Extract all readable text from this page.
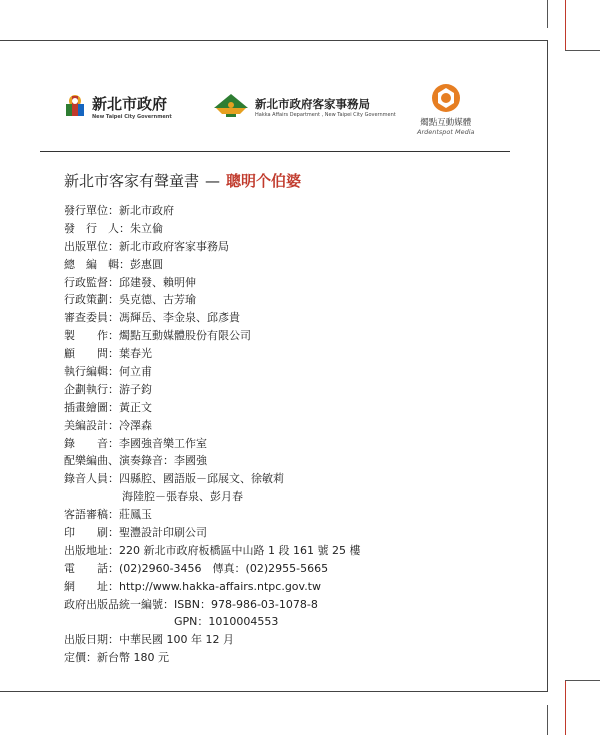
新北市政府
New Taipei City Government
新北市政府客家事務局
Hakka Affairs Department , New Taipei City Government
燭點互動媒體
Ardentspot Media
新北市客家有聲童書 — 聰明个伯婆
發行單位：新北市政府
發　行　人：朱立倫
出版單位：新北市政府客家事務局
總　編　輯：彭惠圓
行政監督：邱建發、賴明伸
行政策劃：吳克德、古芳瑜
審查委員：馮輝岳、李金泉、邱彥貴
製　　作：燭點互動媒體股份有限公司
顧　　問：葉春光
執行編輯：何立甫
企劃執行：游子鈞
插畫繪圖：黃正文
美編設計：冷澤森
錄　　音：李國強音樂工作室
配樂編曲、演奏錄音：李國強
錄音人員：四縣腔、國語版－邱展文、徐敏莉
海陸腔－張春泉、彭月春
客語審稿：莊鳳玉
印　　刷：聖灃設計印刷公司
出版地址：220 新北市政府板橋區中山路 1 段 161 號 25 樓
電　　話：(02)2960-3456　傳真：(02)2955-5665
網　　址：http://www.hakka-affairs.ntpc.gov.tw
政府出版品統一編號：ISBN：978-986-03-1078-8
GPN：1010004553
出版日期：中華民國 100 年 12 月
定價：新台幣 180 元
